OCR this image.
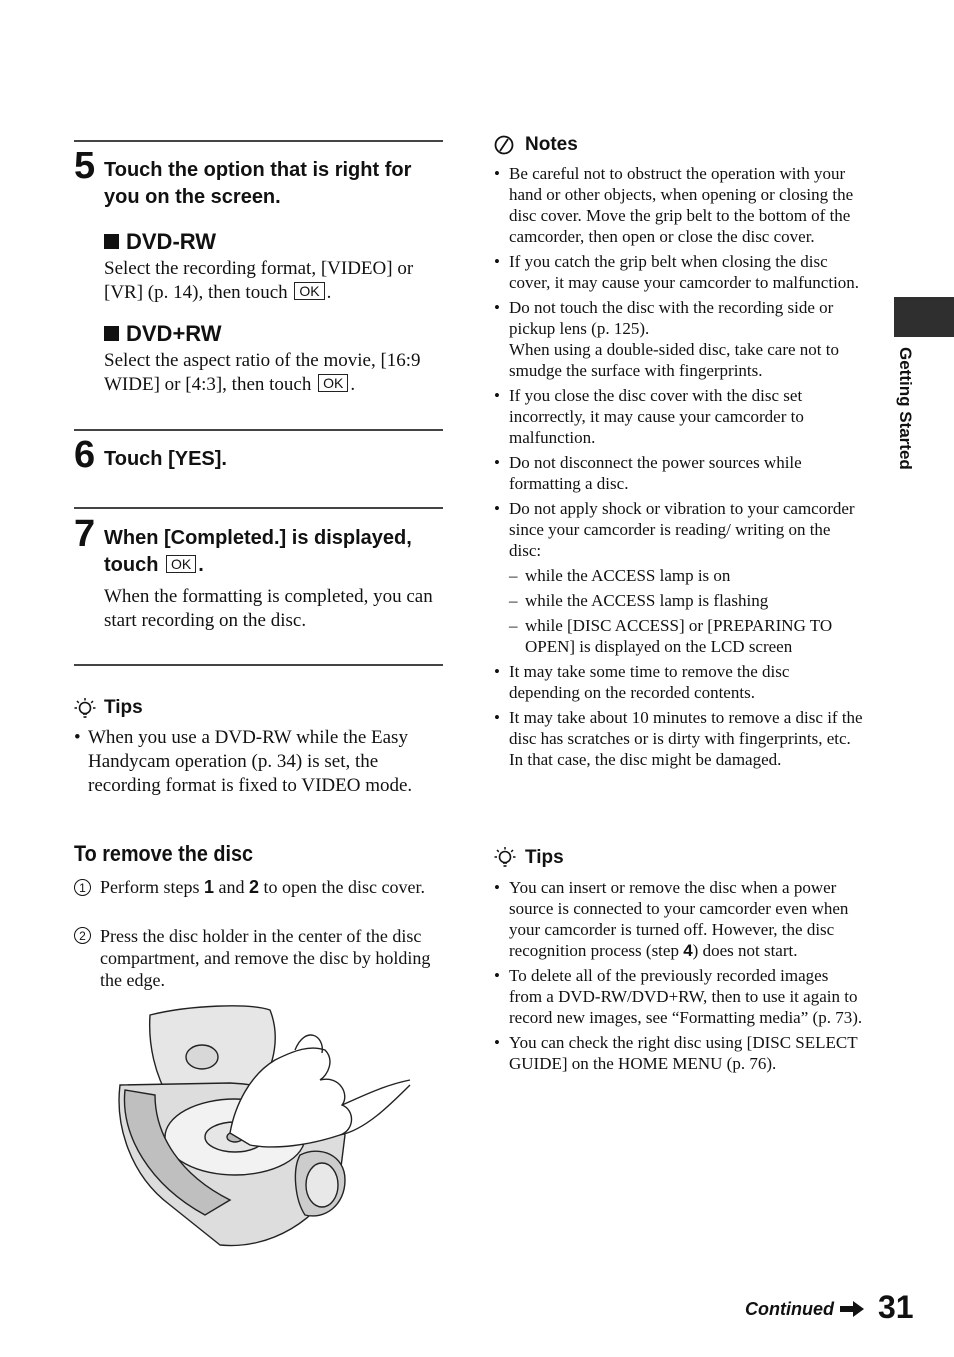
5 Touch the option that is right for you on the screen.
DVD-RW
Select the recording format, [VIDEO] or [VR] (p. 14), then touch OK .
DVD+RW
Select the aspect ratio of the movie, [16:9 WIDE] or [4:3], then touch OK .
6 Touch [YES].
7 When [Completed.] is displayed, touch OK .
When the formatting is completed, you can start recording on the disc.
Tips
• When you use a DVD-RW while the Easy Handycam operation (p. 34) is set, the recording format is fixed to VIDEO mode.
To remove the disc
1 Perform steps 1 and 2 to open the disc cover.
2 Press the disc holder in the center of the disc compartment, and remove the disc by holding the edge.
Notes
• Be careful not to obstruct the operation with your hand or other objects, when opening or closing the disc cover. Move the grip belt to the bottom of the camcorder, then open or close the disc cover.
• If you catch the grip belt when closing the disc cover, it may cause your camcorder to malfunction.
• Do not touch the disc with the recording side or pickup lens (p. 125).
When using a double-sided disc, take care not to smudge the surface with fingerprints.
• If you close the disc cover with the disc set incorrectly, it may cause your camcorder to malfunction.
• Do not disconnect the power sources while formatting a disc.
• Do not apply shock or vibration to your camcorder since your camcorder is reading/ writing on the disc:
– while the ACCESS lamp is on
– while the ACCESS lamp is flashing
– while [DISC ACCESS] or [PREPARING TO OPEN] is displayed on the LCD screen
• It may take some time to remove the disc depending on the recorded contents.
• It may take about 10 minutes to remove a disc if the disc has scratches or is dirty with fingerprints, etc. In that case, the disc might be damaged.
Tips
• You can insert or remove the disc when a power source is connected to your camcorder even when your camcorder is turned off. However, the disc recognition process (step 4) does not start.
• To delete all of the previously recorded images from a DVD-RW/DVD+RW, then to use it again to record new images, see “Formatting media” (p. 73).
• You can check the right disc using [DISC SELECT GUIDE] on the HOME MENU (p. 76).
Getting Started
Continued 31
